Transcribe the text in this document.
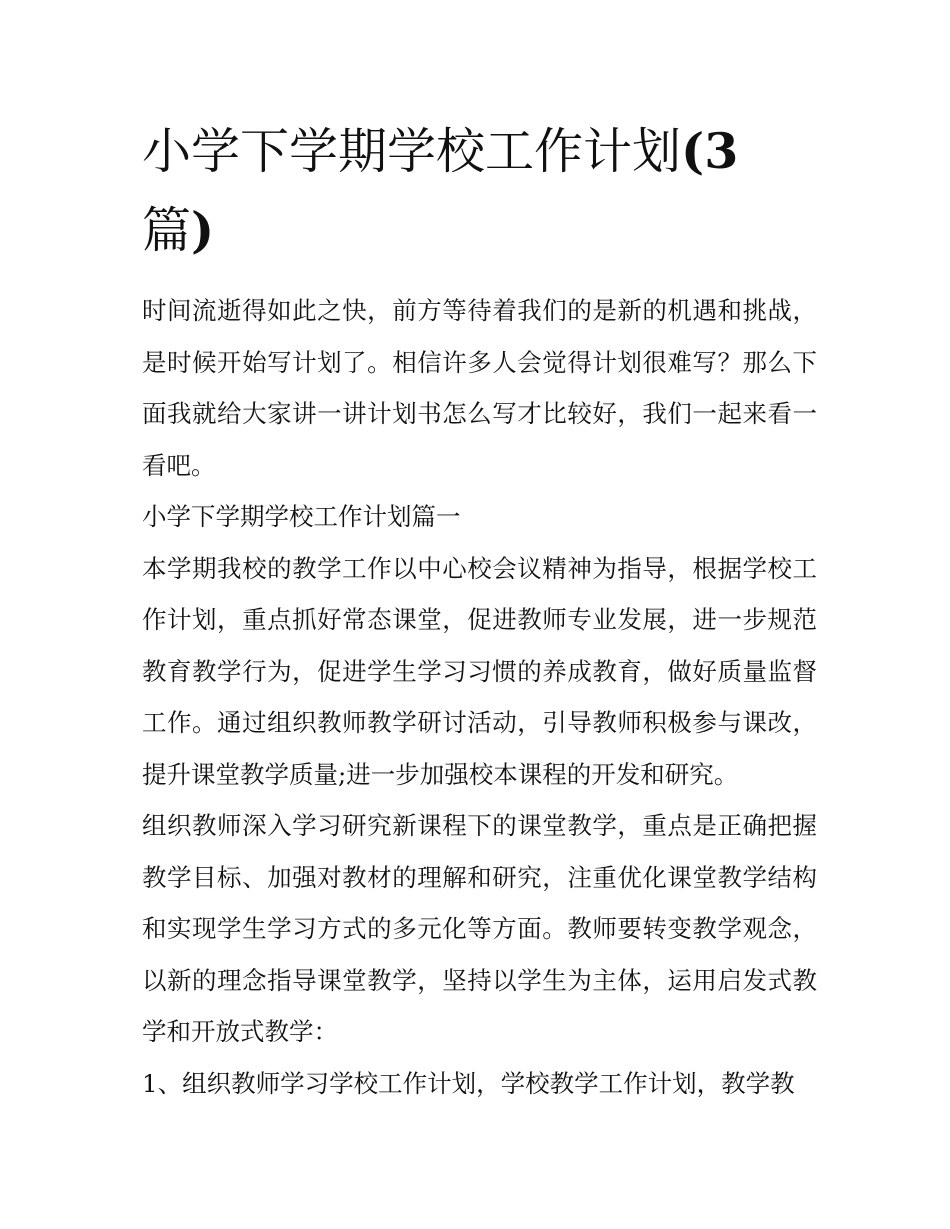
小学下学期学校工作计划(3
篇)

时间流逝得如此之快，前方等待着我们的是新的机遇和挑战，是时候开始写计划了。相信许多人会觉得计划很难写？那么下面我就给大家讲一讲计划书怎么写才比较好，我们一起来看一看吧。

小学下学期学校工作计划篇一

本学期我校的教学工作以中心校会议精神为指导，根据学校工作计划，重点抓好常态课堂，促进教师专业发展，进一步规范教育教学行为，促进学生学习习惯的养成教育，做好质量监督工作。通过组织教师教学研讨活动，引导教师积极参与课改，提升课堂教学质量;进一步加强校本课程的开发和研究。

组织教师深入学习研究新课程下的课堂教学，重点是正确把握教学目标、加强对教材的理解和研究，注重优化课堂教学结构和实现学生学习方式的多元化等方面。教师要转变教学观念，以新的理念指导课堂教学，坚持以学生为主体，运用启发式教学和开放式教学：

1、组织教师学习学校工作计划，学校教学工作计划，教学教
